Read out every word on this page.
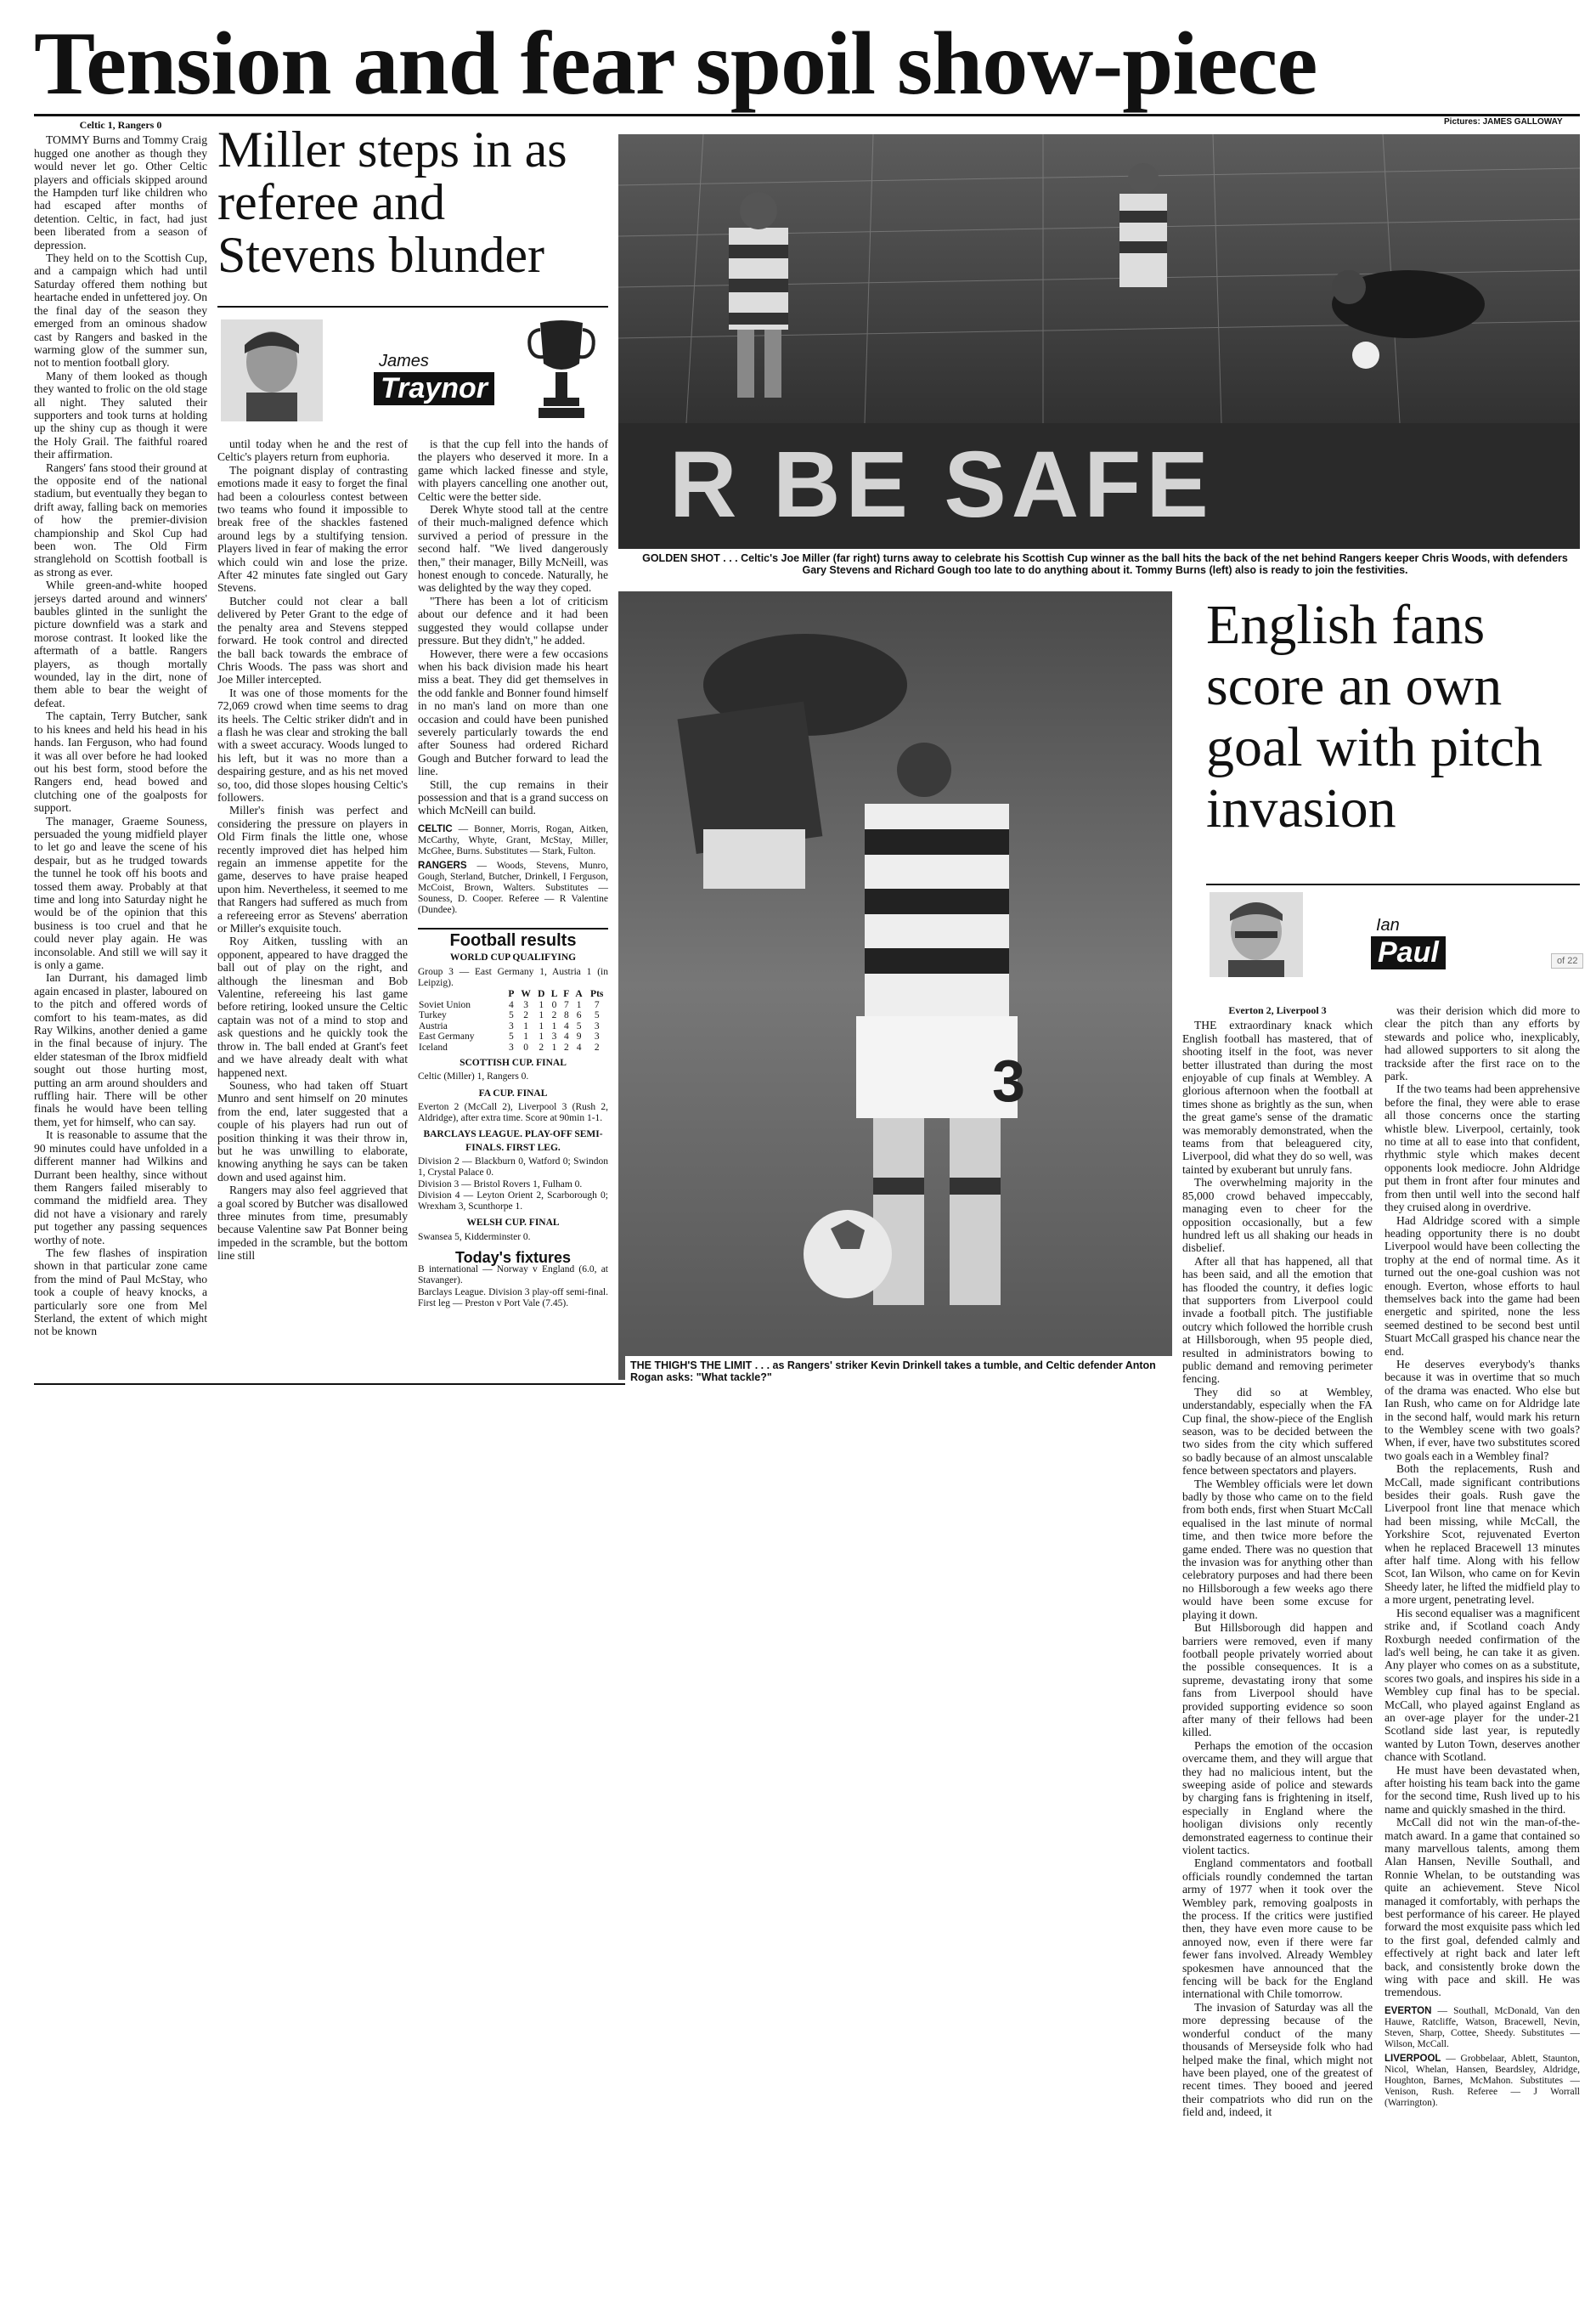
Tension and fear spoil show-piece
Celtic 1, Rangers 0

TOMMY Burns and Tommy Craig hugged one another as though they would never let go. Other Celtic players and officials skipped around the Hampden turf like children who had escaped after months of detention. Celtic, in fact, had just been liberated from a season of depression.

They held on to the Scottish Cup, and a campaign which had until Saturday offered them nothing but heartache ended in unfettered joy. On the final day of the season they emerged from an ominous shadow cast by Rangers and basked in the warming glow of the summer sun, not to mention football glory.

Many of them looked as though they wanted to frolic on the old stage all night. They saluted their supporters and took turns at holding up the shiny cup as though it were the Holy Grail. The faithful roared their affirmation.

Rangers' fans stood their ground at the opposite end of the national stadium, but eventually they began to drift away, falling back on memories of how the premier-division championship and Skol Cup had been won. The Old Firm stranglehold on Scottish football is as strong as ever.

While green-and-white hooped jerseys darted around and winners' baubles glinted in the sunlight the picture downfield was a stark and morose contrast. It looked like the aftermath of a battle. Rangers players, as though mortally wounded, lay in the dirt, none of them able to bear the weight of defeat.

The captain, Terry Butcher, sank to his knees and held his head in his hands. Ian Ferguson, who had found it was all over before he had looked out his best form, stood before the Rangers end, head bowed and clutching one of the goalposts for support.

The manager, Graeme Souness, persuaded the young midfield player to let go and leave the scene of his despair, but as he trudged towards the tunnel he took off his boots and tossed them away. Probably at that time and long into Saturday night he would be of the opinion that this business is too cruel and that he could never play again. He was inconsolable. And still we will say it is only a game.

Ian Durrant, his damaged limb again encased in plaster, laboured on to the pitch and offered words of comfort to his team-mates, as did Ray Wilkins, another denied a game in the final because of injury. The elder statesman of the Ibrox midfield sought out those hurting most, putting an arm around shoulders and ruffling hair. There will be other finals he would have been telling them, yet for himself, who can say.

It is reasonable to assume that the 90 minutes could have unfolded in a different manner had Wilkins and Durrant been healthy, since without them Rangers failed miserably to command the midfield area. They did not have a visionary and rarely put together any passing sequences worthy of note.

The few flashes of inspiration shown in that particular zone came from the mind of Paul McStay, who took a couple of heavy knocks, a particularly sore one from Mel Sterland, the extent of which might not be known

Miller steps in as referee and Stevens blunder
James
Traynor

until today when he and the rest of Celtic's players return from euphoria.

The poignant display of contrasting emotions made it easy to forget the final had been a colourless contest between two teams who found it impossible to break free of the shackles fastened around legs by a stultifying tension. Players lived in fear of making the error which could win and lose the prize. After 42 minutes fate singled out Gary Stevens.

Butcher could not clear a ball delivered by Peter Grant to the edge of the penalty area and Stevens stepped forward. He took control and directed the ball back towards the embrace of Chris Woods. The pass was short and Joe Miller intercepted.

It was one of those moments for the 72,069 crowd when time seems to drag its heels. The Celtic striker didn't and in a flash he was clear and stroking the ball with a sweet accuracy. Woods lunged to his left, but it was no more than a despairing gesture, and as his net moved so, too, did those slopes housing Celtic's followers.

Miller's finish was perfect and considering the pressure on players in Old Firm finals the little one, whose recently improved diet has helped him regain an immense appetite for the game, deserves to have praise heaped upon him. Nevertheless, it seemed to me that Rangers had suffered as much from a refereeing error as Stevens' aberration or Miller's exquisite touch.

Roy Aitken, tussling with an opponent, appeared to have dragged the ball out of play on the right, and although the linesman and Bob Valentine, refereeing his last game before retiring, looked unsure the Celtic captain was not of a mind to stop and ask questions and he quickly took the throw in. The ball ended at Grant's feet and we have already dealt with what happened next.

Souness, who had taken off Stuart Munro and sent himself on 20 minutes from the end, later suggested that a couple of his players had run out of position thinking it was their throw in, but he was unwilling to elaborate, knowing anything he says can be taken down and used against him.

Rangers may also feel aggrieved that a goal scored by Butcher was disallowed three minutes from time, presumably because Valentine saw Pat Bonner being impeded in the scramble, but the bottom line still

is that the cup fell into the hands of the players who deserved it more. In a game which lacked finesse and style, with players cancelling one another out, Celtic were the better side.

Derek Whyte stood tall at the centre of their much-maligned defence which survived a period of pressure in the second half. "We lived dangerously then," their manager, Billy McNeill, was honest enough to concede. Naturally, he was delighted by the way they coped.

"There has been a lot of criticism about our defence and it had been suggested they would collapse under pressure. But they didn't," he added.

However, there were a few occasions when his back division made his heart miss a beat. They did get themselves in the odd fankle and Bonner found himself in no man's land on more than one occasion and could have been punished severely particularly towards the end after Souness had ordered Richard Gough and Butcher forward to lead the line.

Still, the cup remains in their possession and that is a grand success on which McNeill can build.

CELTIC — Bonner, Morris, Rogan, Aitken, McCarthy, Whyte, Grant, McStay, Miller, McGhee, Burns. Substitutes — Stark, Fulton.

RANGERS — Woods, Stevens, Munro, Gough, Sterland, Butcher, Drinkell, I Ferguson, McCoist, Brown, Walters. Substitutes — Souness, D. Cooper. Referee — R Valentine (Dundee).

Football results
WORLD CUP QUALIFYING
Group 3 — East Germany 1, Austria 1 (in Leipzig).
	P	W	D	L	F	A	Pts
Soviet Union	4	3	1	0	7	1	7
Turkey	5	2	1	2	8	6	5
Austria	3	1	1	1	4	5	3
East Germany	5	1	1	3	4	9	3
Iceland	3	0	2	1	2	4	2
SCOTTISH CUP. FINAL
Celtic (Miller) 1, Rangers 0.
FA CUP. FINAL
Everton 2 (McCall 2), Liverpool 3 (Rush 2, Aldridge), after extra time. Score at 90min 1-1.
BARCLAYS LEAGUE. PLAY-OFF SEMI-FINALS. FIRST LEG.

Division 2 — Blackburn 0, Watford 0; Swindon 1, Crystal Palace 0.

Division 3 — Bristol Rovers 1, Fulham 0.

Division 4 — Leyton Orient 2, Scarborough 0; Wrexham 3, Scunthorpe 1.

WELSH CUP. FINAL
Swansea 5, Kidderminster 0.
Today's fixtures

B international — Norway v England (6.0, at Stavanger).

Barclays League. Division 3 play-off semi-final. First leg — Preston v Port Vale (7.45).

Pictures: JAMES GALLOWAY
R BE SAFE
GOLDEN SHOT . . . Celtic's Joe Miller (far right) turns away to celebrate his Scottish Cup winner as the ball hits the back of the net behind Rangers keeper Chris Woods, with defenders Gary Stevens and Richard Gough too late to do anything about it. Tommy Burns (left) also is ready to join the festivities.
3
THE THIGH'S THE LIMIT . . . as Rangers' striker Kevin Drinkell takes a tumble, and Celtic defender Anton Rogan asks: "What tackle?"
English fans score an own goal with pitch invasion
Ian
Paul	of 22
Everton 2, Liverpool 3

THE extraordinary knack which English football has mastered, that of shooting itself in the foot, was never better illustrated than during the most enjoyable of cup finals at Wembley. A glorious afternoon when the football at times shone as brightly as the sun, when the great game's sense of the dramatic was memorably demonstrated, when the teams from that beleaguered city, Liverpool, did what they do so well, was tainted by exuberant but unruly fans.

The overwhelming majority in the 85,000 crowd behaved impeccably, managing even to cheer for the opposition occasionally, but a few hundred left us all shaking our heads in disbelief.

After all that has happened, all that has been said, and all the emotion that has flooded the country, it defies logic that supporters from Liverpool could invade a football pitch. The justifiable outcry which followed the horrible crush at Hillsborough, when 95 people died, resulted in administrators bowing to public demand and removing perimeter fencing.

They did so at Wembley, understandably, especially when the FA Cup final, the show-piece of the English season, was to be decided between the two sides from the city which suffered so badly because of an almost unscalable fence between spectators and players.

The Wembley officials were let down badly by those who came on to the field from both ends, first when Stuart McCall equalised in the last minute of normal time, and then twice more before the game ended. There was no question that the invasion was for anything other than celebratory purposes and had there been no Hillsborough a few weeks ago there would have been some excuse for playing it down.

But Hillsborough did happen and barriers were removed, even if many football people privately worried about the possible consequences. It is a supreme, devastating irony that some fans from Liverpool should have provided supporting evidence so soon after many of their fellows had been killed.

Perhaps the emotion of the occasion overcame them, and they will argue that they had no malicious intent, but the sweeping aside of police and stewards by charging fans is frightening in itself, especially in England where the hooligan divisions only recently demonstrated eagerness to continue their violent tactics.

England commentators and football officials roundly condemned the tartan army of 1977 when it took over the Wembley park, removing goalposts in the process. If the critics were justified then, they have even more cause to be annoyed now, even if there were far fewer fans involved. Already Wembley spokesmen have announced that the fencing will be back for the England international with Chile tomorrow.

The invasion of Saturday was all the more depressing because of the wonderful conduct of the many thousands of Merseyside folk who had helped make the final, which might not have been played, one of the greatest of recent times. They booed and jeered their compatriots who did run on the field and, indeed, it

was their derision which did more to clear the pitch than any efforts by stewards and police who, inexplicably, had allowed supporters to sit along the trackside after the first race on to the park.

If the two teams had been apprehensive before the final, they were able to erase all those concerns once the starting whistle blew. Liverpool, certainly, took no time at all to ease into that confident, rhythmic style which makes decent opponents look mediocre. John Aldridge put them in front after four minutes and from then until well into the second half they cruised along in overdrive.

Had Aldridge scored with a simple heading opportunity there is no doubt Liverpool would have been collecting the trophy at the end of normal time. As it turned out the one-goal cushion was not enough. Everton, whose efforts to haul themselves back into the game had been energetic and spirited, none the less seemed destined to be second best until Stuart McCall grasped his chance near the end.

He deserves everybody's thanks because it was in overtime that so much of the drama was enacted. Who else but Ian Rush, who came on for Aldridge late in the second half, would mark his return to the Wembley scene with two goals? When, if ever, have two substitutes scored two goals each in a Wembley final?

Both the replacements, Rush and McCall, made significant contributions besides their goals. Rush gave the Liverpool front line that menace which had been missing, while McCall, the Yorkshire Scot, rejuvenated Everton when he replaced Bracewell 13 minutes after half time. Along with his fellow Scot, Ian Wilson, who came on for Kevin Sheedy later, he lifted the midfield play to a more urgent, penetrating level.

His second equaliser was a magnificent strike and, if Scotland coach Andy Roxburgh needed confirmation of the lad's well being, he can take it as given. Any player who comes on as a substitute, scores two goals, and inspires his side in a Wembley cup final has to be special. McCall, who played against England as an over-age player for the under-21 Scotland side last year, is reputedly wanted by Luton Town, deserves another chance with Scotland.

He must have been devastated when, after hoisting his team back into the game for the second time, Rush lived up to his name and quickly smashed in the third.

McCall did not win the man-of-the-match award. In a game that contained so many marvellous talents, among them Alan Hansen, Neville Southall, and Ronnie Whelan, to be outstanding was quite an achievement. Steve Nicol managed it comfortably, with perhaps the best performance of his career. He played forward the most exquisite pass which led to the first goal, defended calmly and effectively at right back and later left back, and consistently broke down the wing with pace and skill. He was tremendous.

EVERTON — Southall, McDonald, Van den Hauwe, Ratcliffe, Watson, Bracewell, Nevin, Steven, Sharp, Cottee, Sheedy. Substitutes — Wilson, McCall.

LIVERPOOL — Grobbelaar, Ablett, Staunton, Nicol, Whelan, Hansen, Beardsley, Aldridge, Houghton, Barnes, McMahon. Substitutes — Venison, Rush. Referee — J Worrall (Warrington).
